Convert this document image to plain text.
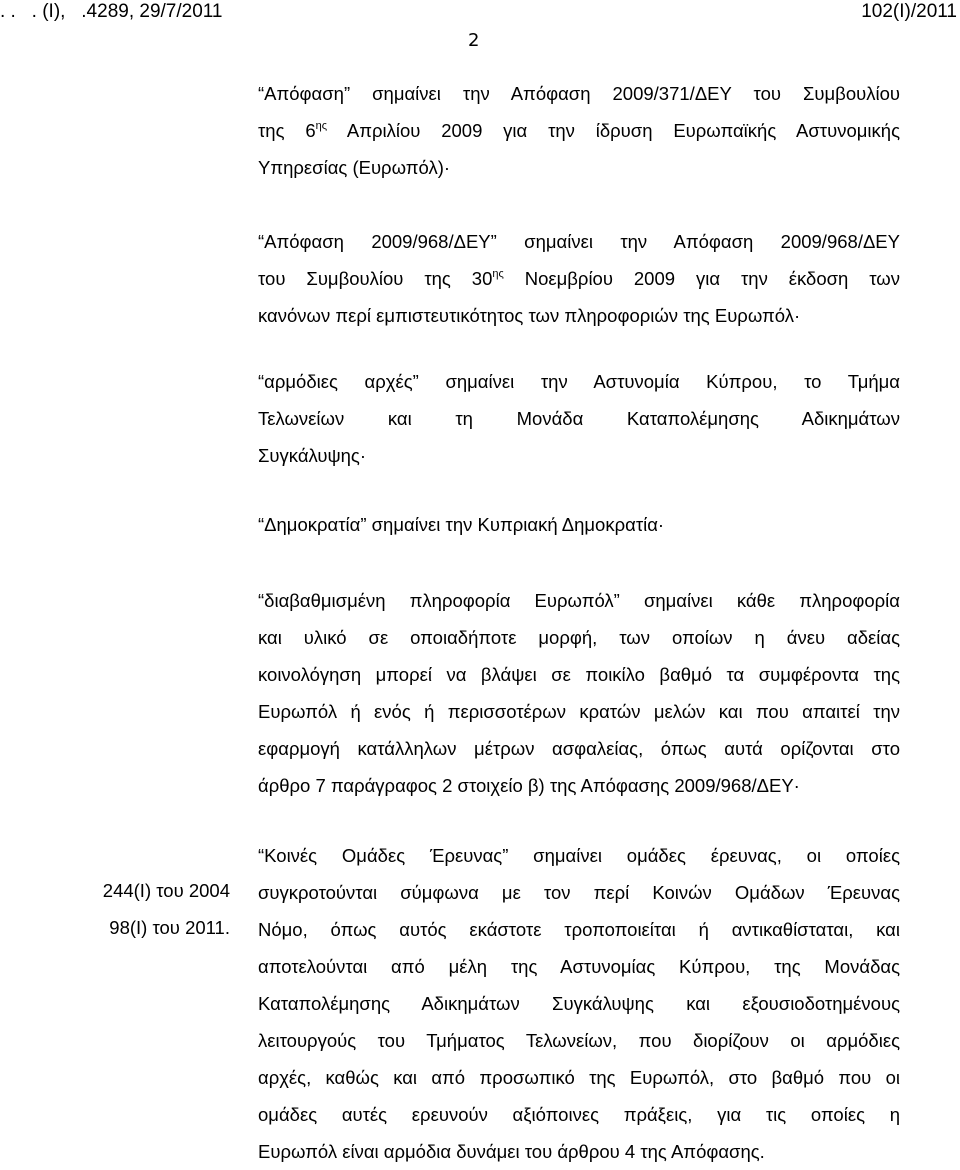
. .   . (Ι),   .4289, 29/7/2011	102(Ι)/2011
2
“Απόφαση” σημαίνει την Απόφαση 2009/371/ΔΕΥ του Συμβουλίου
της $6^{\eta\varsigma}$ Απριλίου 2009 για την ίδρυση Ευρωπαϊκής Αστυνομικής
Υπηρεσίας (Ευρωπόλ)·
“Απόφαση 2009/968/ΔΕΥ” σημαίνει την Απόφαση 2009/968/ΔΕΥ
του Συμβουλίου της $30^{\eta\varsigma}$ Νοεμβρίου 2009 για την έκδοση των
κανόνων περί εμπιστευτικότητος των πληροφοριών της Ευρωπόλ·
“αρμόδιες αρχές” σημαίνει την Αστυνομία Κύπρου, το Τμήμα
Τελωνείων και τη Μονάδα Καταπολέμησης Αδικημάτων
Συγκάλυψης·
“Δημοκρατία” σημαίνει την Κυπριακή Δημοκρατία·
“διαβαθμισμένη πληροφορία Ευρωπόλ” σημαίνει κάθε πληροφορία
και υλικό σε οποιαδήποτε μορφή, των οποίων η άνευ αδείας
κοινολόγηση μπορεί να βλάψει σε ποικίλο βαθμό τα συμφέροντα της
Ευρωπόλ ή ενός ή περισσοτέρων κρατών μελών και που απαιτεί την
εφαρμογή κατάλληλων μέτρων ασφαλείας, όπως αυτά ορίζονται στο
άρθρο 7 παράγραφος 2 στοιχείο β) της Απόφασης 2009/968/ΔΕΥ·
“Κοινές Ομάδες Έρευνας” σημαίνει ομάδες έρευνας, οι οποίες
συγκροτούνται σύμφωνα με τον περί Κοινών Ομάδων Έρευνας
Νόμο, όπως αυτός εκάστοτε τροποποιείται ή αντικαθίσταται, και
αποτελούνται από μέλη της Αστυνομίας Κύπρου, της Μονάδας
Καταπολέμησης Αδικημάτων Συγκάλυψης και εξουσιοδοτημένους
λειτουργούς του Τμήματος Τελωνείων, που διορίζουν οι αρμόδιες
αρχές, καθώς και από προσωπικό της Ευρωπόλ, στο βαθμό που οι
ομάδες αυτές ερευνούν αξιόποινες πράξεις, για τις οποίες η
Ευρωπόλ είναι αρμόδια δυνάμει του άρθρου 4 της Απόφασης.
244(Ι) του 2004
98(Ι) του 2011.
